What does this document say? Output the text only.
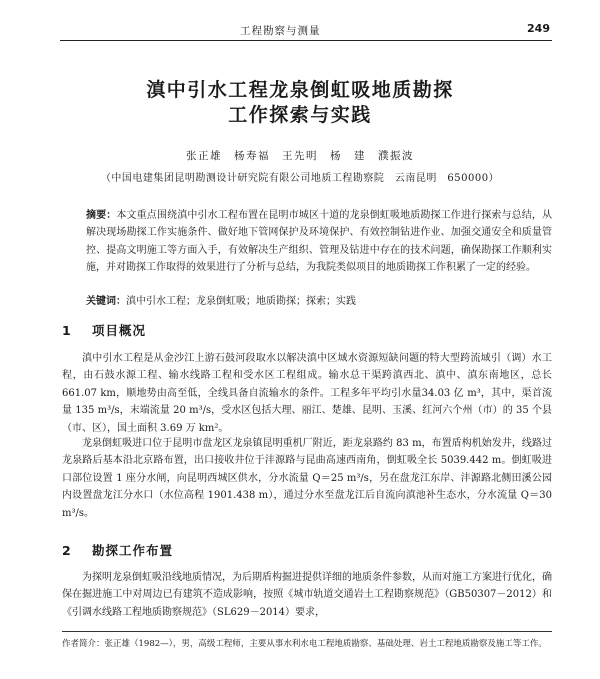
工程勘察与测量	249
滇中引水工程龙泉倒虹吸地质勘探
工作探索与实践
张正雄　杨寿福　王先明　杨　建　濮振波
（中国电建集团昆明勘测设计研究院有限公司地质工程勘察院　云南昆明　650000）

摘要：本文重点围绕滇中引水工程布置在昆明市城区十道的龙泉倒虹吸地质勘探工作进行探索与总结，从解决现场勘探工作实施条件、做好地下管网保护及环境保护、有效控制钻进作业、加强交通安全和质量管控、提高文明施工等方面入手，有效解决生产组织、管理及钻进中存在的技术问题，确保勘探工作顺利实施，并对勘探工作取得的效果进行了分析与总结，为我院类似项目的地质勘探工作积累了一定的经验。

关键词：滇中引水工程；龙泉倒虹吸；地质勘探；探索；实践

1 项目概况

滇中引水工程是从金沙江上游石鼓河段取水以解决滇中区域水资源短缺问题的特大型跨流域引（调）水工程，由石鼓水源工程、输水线路工程和受水区工程组成。输水总干渠跨滇西北、滇中、滇东南地区，总长661.07 km，顺地势由高至低，全线具备自流输水的条件。工程多年平均引水量34.03 亿 m³，其中，渠首流量 135 m³/s，末端流量 20 m³/s，受水区包括大理、丽江、楚雄、昆明、玉溪、红河六个州（市）的 35 个县（市、区），国土面积 3.69 万 km²。

龙泉倒虹吸进口位于昆明市盘龙区龙泉镇昆明重机厂附近，距龙泉路约 83 m，布置盾构机始发井，线路过龙泉路后基本沿北京路布置，出口接收井位于沣源路与昆曲高速西南角，倒虹吸全长 5039.442 m。倒虹吸进口部位设置 1 座分水闸，向昆明西城区供水，分水流量 Q＝25 m³/s，另在盘龙江东岸、沣源路北侧田溪公园内设置盘龙江分水口（水位高程 1901.438 m），通过分水至盘龙江后自流向滇池补生态水，分水流量 Q＝30 m³/s。

2 勘探工作布置

为探明龙泉倒虹吸沿线地质情况，为后期盾构掘进提供详细的地质条件参数，从而对施工方案进行优化，确保在掘进施工中对周边已有建筑不造成影响，按照《城市轨道交通岩土工程勘察规范》（GB50307－2012）和《引调水线路工程地质勘察规范》（SL629－2014）要求，

作者简介：张正雄（1982—），男，高级工程师，主要从事水利水电工程地质勘察、基础处理、岩土工程地质勘察及施工等工作。
